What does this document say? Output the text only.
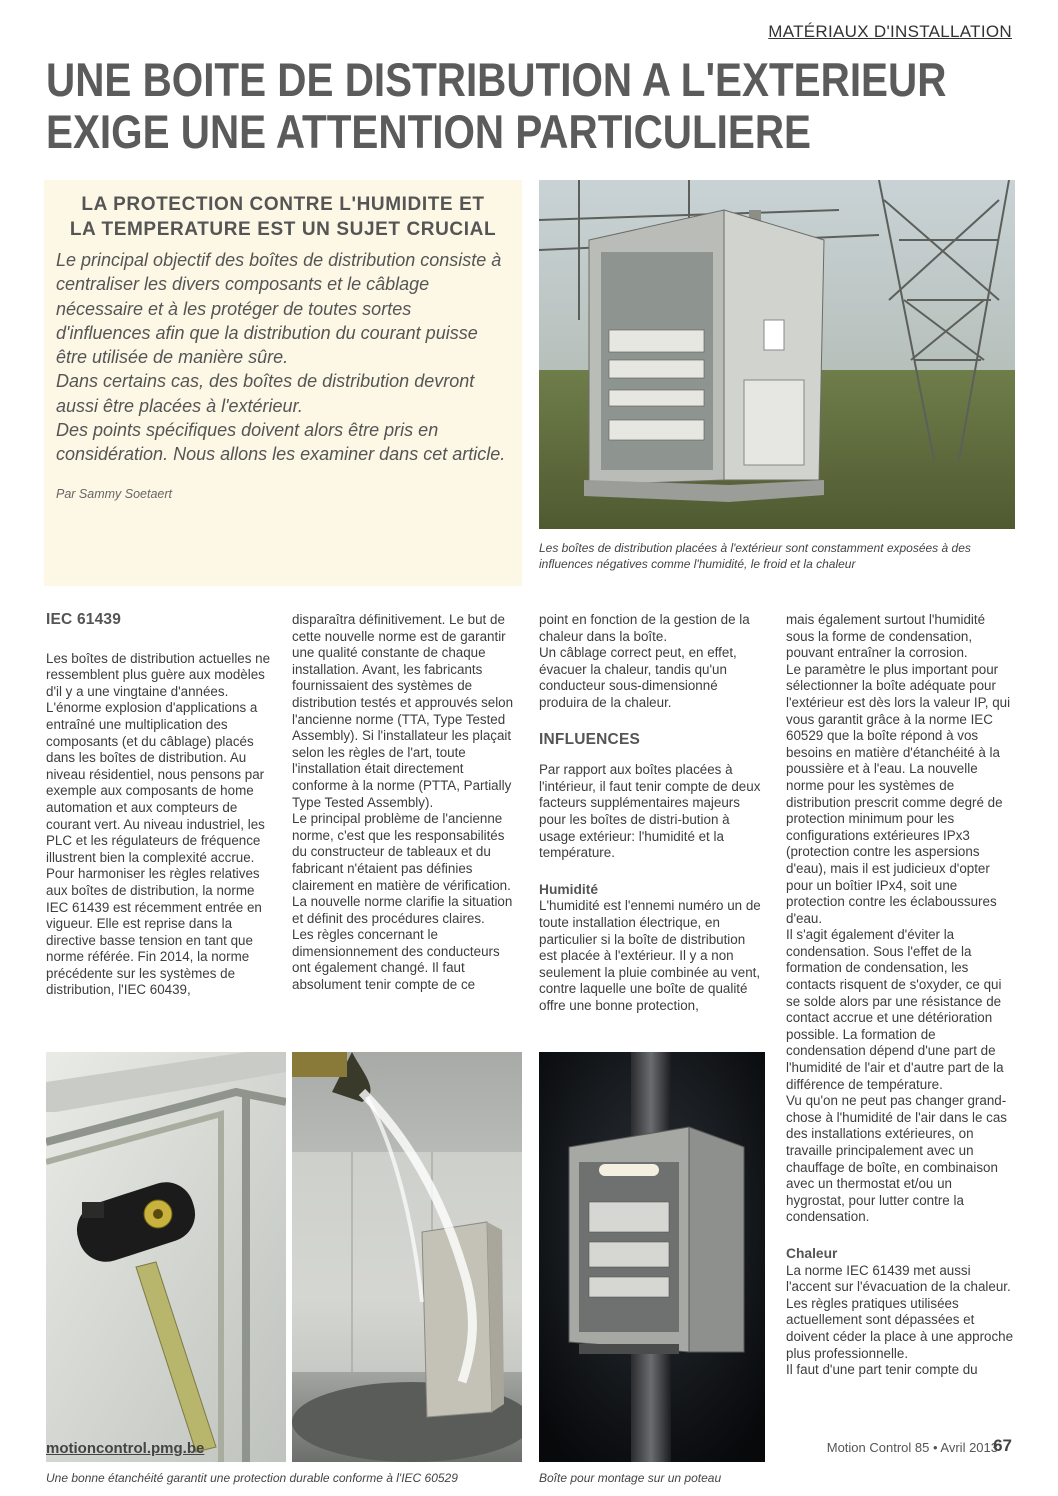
MATÉRIAUX D'INSTALLATION
UNE BOITE DE DISTRIBUTION A L'EXTERIEUR
EXIGE UNE ATTENTION PARTICULIERE
LA PROTECTION CONTRE L'HUMIDITE ET
LA TEMPERATURE EST UN SUJET CRUCIAL

Le principal objectif des boîtes de distribution consiste à centraliser les divers composants et le câblage nécessaire et à les protéger de toutes sortes d'influences afin que la distribution du courant puisse être utilisée de manière sûre.

Dans certains cas, des boîtes de distribution devront aussi être placées à l'extérieur.

Des points spécifiques doivent alors être pris en considération. Nous allons les examiner dans cet article.

Par Sammy Soetaert
Les boîtes de distribution placées à l'extérieur sont constamment exposées à des influences négatives comme l'humidité, le froid et la chaleur
IEC 61439

Les boîtes de distribution actuelles ne ressemblent plus guère aux modèles d'il y a une vingtaine d'années. L'énorme explosion d'applications a entraîné une multiplication des composants (et du câblage) placés dans les boîtes de distribution. Au niveau résidentiel, nous pensons par exemple aux composants de home automation et aux compteurs de courant vert. Au niveau industriel, les PLC et les régulateurs de fréquence illustrent bien la complexité accrue.

Pour harmoniser les règles relatives aux boîtes de distribution, la norme IEC 61439 est récemment entrée en vigueur. Elle est reprise dans la directive basse tension en tant que norme référée. Fin 2014, la norme précédente sur les systèmes de distribution, l'IEC 60439,

disparaîtra définitivement. Le but de cette nouvelle norme est de garantir une qualité constante de chaque installation. Avant, les fabricants fournissaient des systèmes de distribution testés et approuvés selon l'ancienne norme (TTA, Type Tested Assembly). Si l'installateur les plaçait selon les règles de l'art, toute l'installation était directement conforme à la norme (PTTA, Partially Type Tested Assembly).

Le principal problème de l'ancienne norme, c'est que les responsabilités du constructeur de tableaux et du fabricant n'étaient pas définies clairement en matière de vérification. La nouvelle norme clarifie la situation et définit des procédures claires.

Les règles concernant le dimensionnement des conducteurs ont également changé. Il faut absolument tenir compte de ce

point en fonction de la gestion de la chaleur dans la boîte.

Un câblage correct peut, en effet, évacuer la chaleur, tandis qu'un conducteur sous-dimensionné produira de la chaleur.

INFLUENCES

Par rapport aux boîtes placées à l'intérieur, il faut tenir compte de deux facteurs supplémentaires majeurs pour les boîtes de distri-bution à usage extérieur: l'humidité et la température.

Humidité

L'humidité est l'ennemi numéro un de toute installation électrique, en particulier si la boîte de distribution est placée à l'extérieur. Il y a non seulement la pluie combinée au vent, contre laquelle une boîte de qualité offre une bonne protection,

mais également surtout l'humidité sous la forme de condensation, pouvant entraîner la corrosion.

Le paramètre le plus important pour sélectionner la boîte adéquate pour l'extérieur est dès lors la valeur IP, qui vous garantit grâce à la norme IEC 60529 que la boîte répond à vos besoins en matière d'étanchéité à la poussière et à l'eau. La nouvelle norme pour les systèmes de distribution prescrit comme degré de protection minimum pour les configurations extérieures IPx3 (protection contre les aspersions d'eau), mais il est judicieux d'opter pour un boîtier IPx4, soit une protection contre les éclaboussures d'eau.

Il s'agit également d'éviter la condensation. Sous l'effet de la formation de condensation, les contacts risquent de s'oxyder, ce qui se solde alors par une résistance de contact accrue et une détérioration possible. La formation de condensation dépend d'une part de l'humidité de l'air et d'autre part de la différence de température.

Vu qu'on ne peut pas changer grand-chose à l'humidité de l'air dans le cas des installations extérieures, on travaille principalement avec un chauffage de boîte, en combinaison avec un thermostat et/ou un hygrostat, pour lutter contre la condensation.

Chaleur

La norme IEC 61439 met aussi l'accent sur l'évacuation de la chaleur.

Les règles pratiques utilisées actuellement sont dépassées et doivent céder la place à une approche plus professionnelle.

Il faut d'une part tenir compte du

Une bonne étanchéité garantit une protection durable conforme à l'IEC 60529	Boîte pour montage sur un poteau
motioncontrol.pmg.be	Motion Control 85 • Avril 2013
67
